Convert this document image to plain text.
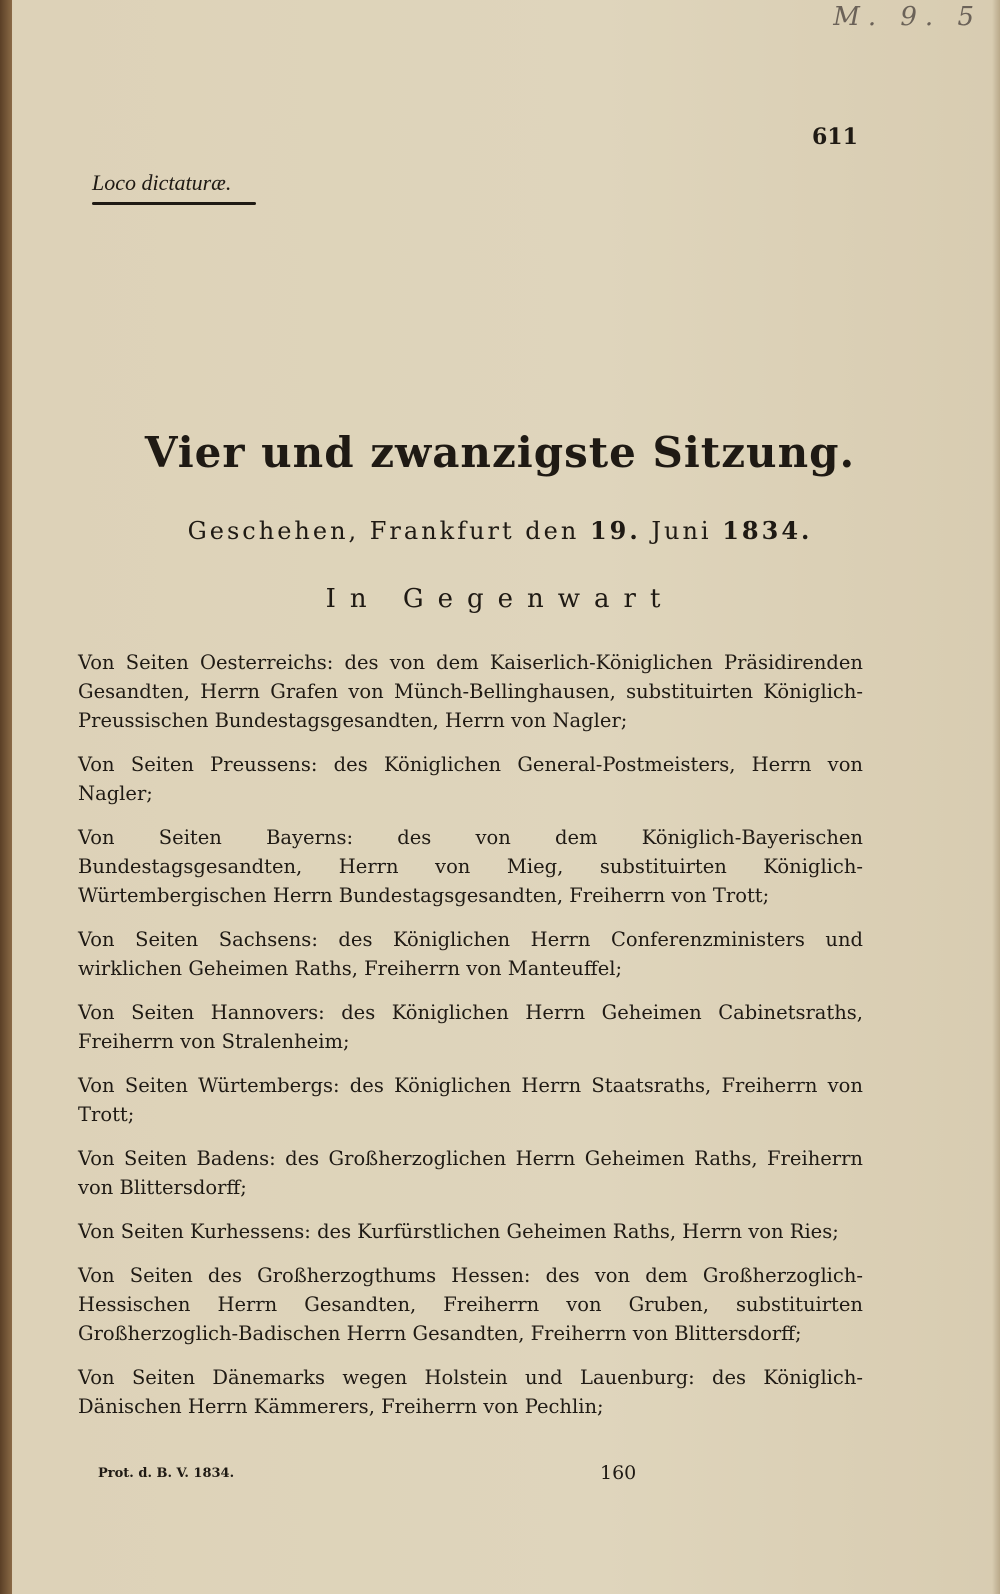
M. 9. 5
611
Loco dictaturæ.
Vier und zwanzigste Sitzung.
Geschehen, Frankfurt den 19. Juni 1834.
In Gegenwart

Von Seiten Oesterreichs: des von dem Kaiserlich-Königlichen Präsidirenden Gesandten, Herrn Grafen von Münch-Bellinghausen, substituirten Königlich-Preussischen Bundestagsgesandten, Herrn von Nagler;

Von Seiten Preussens: des Königlichen General-Postmeisters, Herrn von Nagler;

Von Seiten Bayerns: des von dem Königlich-Bayerischen Bundestagsgesandten, Herrn von Mieg, substituirten Königlich-Würtembergischen Herrn Bundestagsgesandten, Freiherrn von Trott;

Von Seiten Sachsens: des Königlichen Herrn Conferenzministers und wirklichen Geheimen Raths, Freiherrn von Manteuffel;

Von Seiten Hannovers: des Königlichen Herrn Geheimen Cabinetsraths, Freiherrn von Stralenheim;

Von Seiten Würtembergs: des Königlichen Herrn Staatsraths, Freiherrn von Trott;

Von Seiten Badens: des Großherzoglichen Herrn Geheimen Raths, Freiherrn von Blittersdorff;

Von Seiten Kurhessens: des Kurfürstlichen Geheimen Raths, Herrn von Ries;

Von Seiten des Großherzogthums Hessen: des von dem Großherzoglich-Hessischen Herrn Gesandten, Freiherrn von Gruben, substituirten Großherzoglich-Badischen Herrn Gesandten, Freiherrn von Blittersdorff;

Von Seiten Dänemarks wegen Holstein und Lauenburg: des Königlich-Dänischen Herrn Kämmerers, Freiherrn von Pechlin;

Prot. d. B. V. 1834.	160
